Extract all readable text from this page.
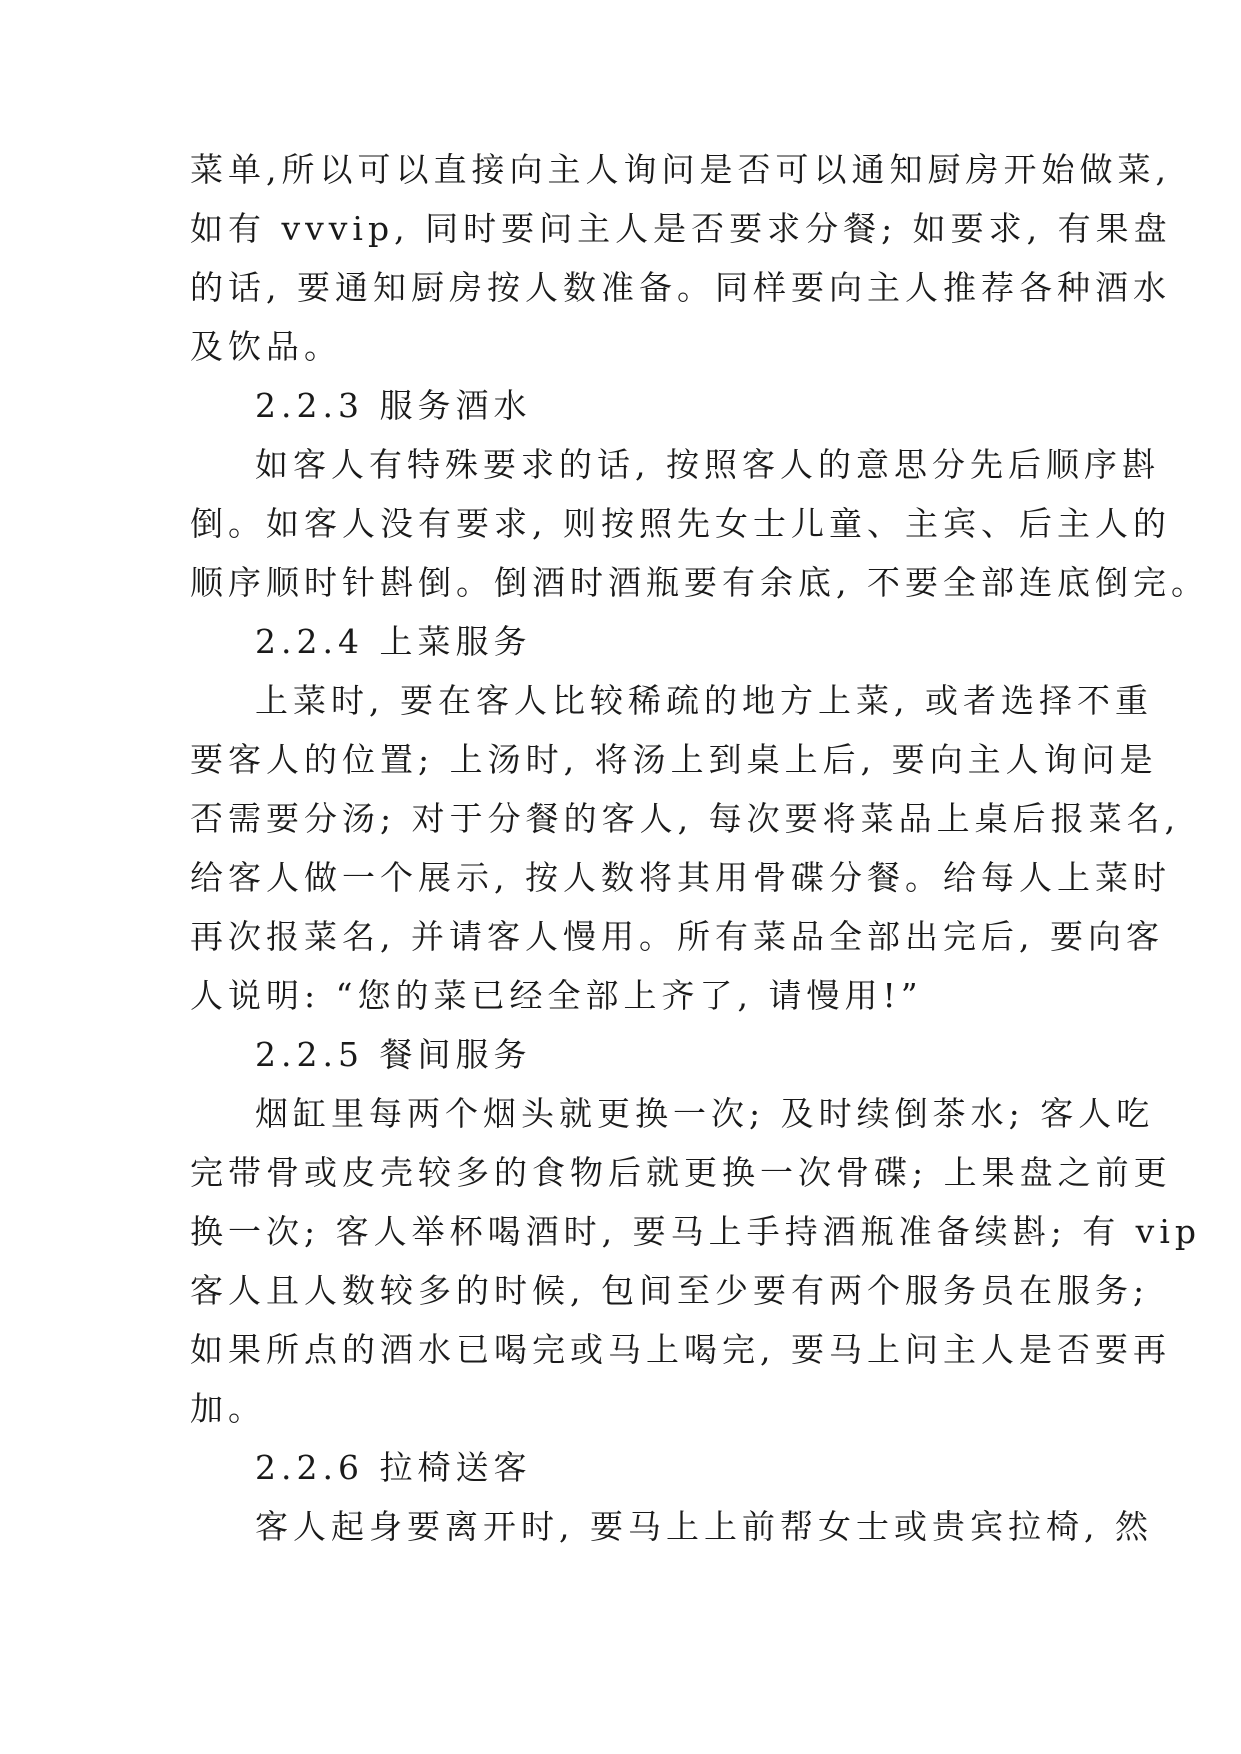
菜单,所以可以直接向主人询问是否可以通知厨房开始做菜,
如有 vvvip, 同时要问主人是否要求分餐; 如要求, 有果盘
的话, 要通知厨房按人数准备。同样要向主人推荐各种酒水
及饮品。
2.2.3 服务酒水
如客人有特殊要求的话, 按照客人的意思分先后顺序斟
倒。如客人没有要求, 则按照先女士儿童、主宾、后主人的
顺序顺时针斟倒。倒酒时酒瓶要有余底, 不要全部连底倒完。
2.2.4 上菜服务
上菜时, 要在客人比较稀疏的地方上菜, 或者选择不重
要客人的位置; 上汤时, 将汤上到桌上后, 要向主人询问是
否需要分汤; 对于分餐的客人, 每次要将菜品上桌后报菜名,
给客人做一个展示, 按人数将其用骨碟分餐。给每人上菜时
再次报菜名, 并请客人慢用。所有菜品全部出完后, 要向客
人说明: “您的菜已经全部上齐了, 请慢用!”
2.2.5 餐间服务
烟缸里每两个烟头就更换一次; 及时续倒茶水; 客人吃
完带骨或皮壳较多的食物后就更换一次骨碟; 上果盘之前更
换一次; 客人举杯喝酒时, 要马上手持酒瓶准备续斟; 有 vip
客人且人数较多的时候, 包间至少要有两个服务员在服务;
如果所点的酒水已喝完或马上喝完, 要马上问主人是否要再
加。
2.2.6 拉椅送客
客人起身要离开时, 要马上上前帮女士或贵宾拉椅, 然
